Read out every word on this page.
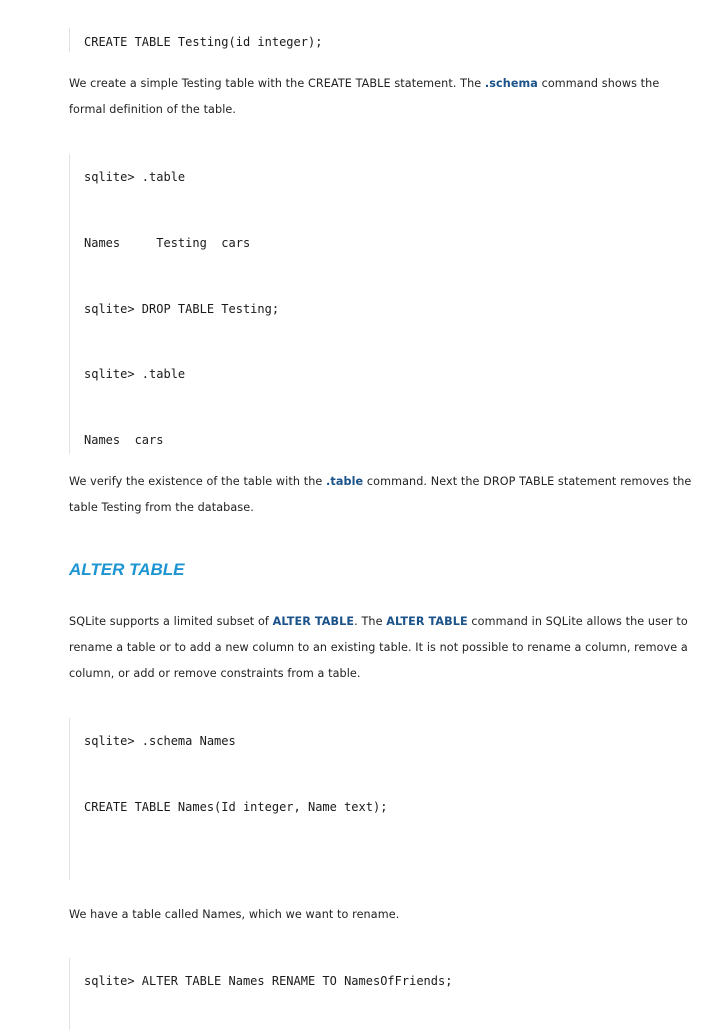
CREATE TABLE Testing(id integer);

We create a simple Testing table with the CREATE TABLE statement. The .schema command shows the formal definition of the table.

sqlite> .table
Names     Testing  cars
sqlite> DROP TABLE Testing;
sqlite> .table
Names  cars

We verify the existence of the table with the .table command. Next the DROP TABLE statement removes the table Testing from the database.

ALTER TABLE

SQLite supports a limited subset of ALTER TABLE. The ALTER TABLE command in SQLite allows the user to rename a table or to add a new column to an existing table. It is not possible to rename a column, remove a column, or add or remove constraints from a table.

sqlite> .schema Names
CREATE TABLE Names(Id integer, Name text);

We have a table called Names, which we want to rename.

sqlite> ALTER TABLE Names RENAME TO NamesOfFriends;
